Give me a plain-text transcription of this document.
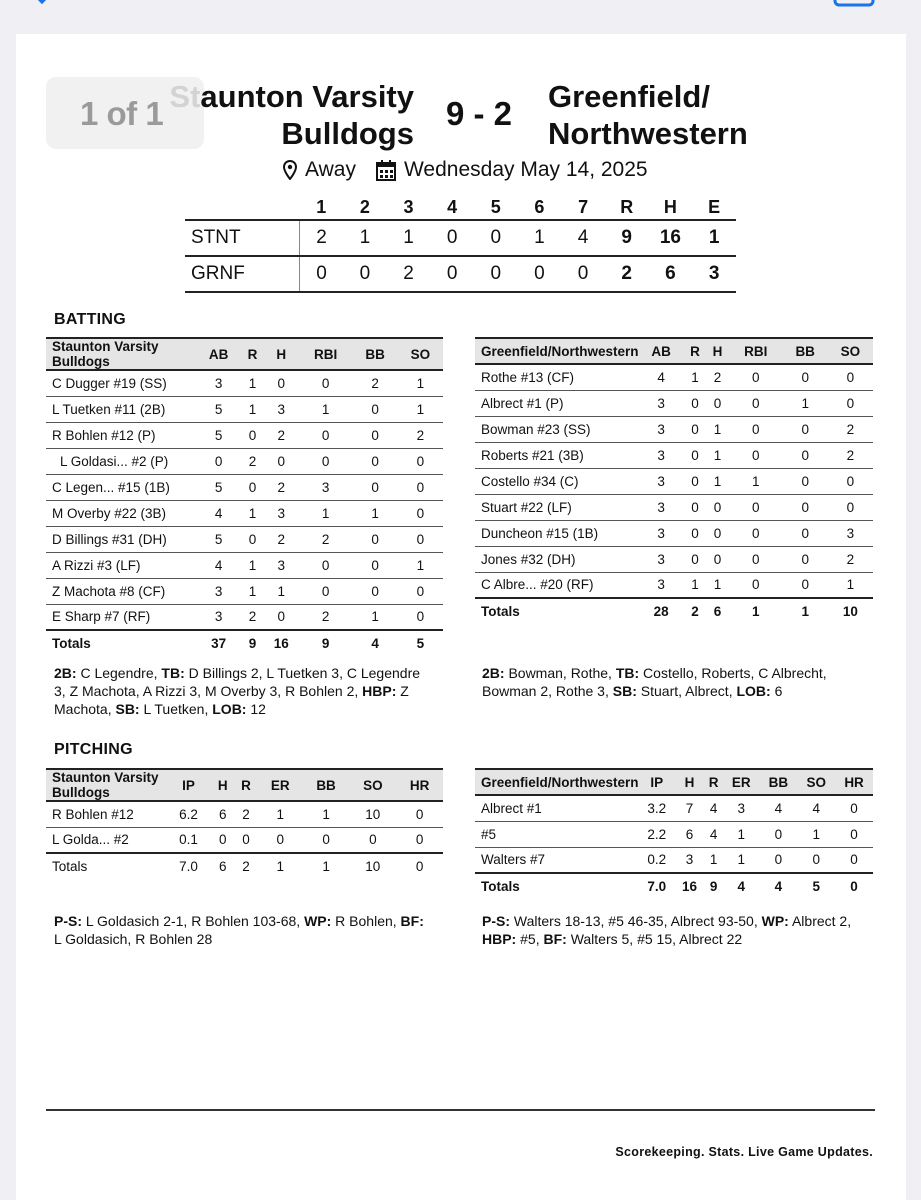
1 of 1 Staunton Varsity
Bulldogs
9 - 2 Greenfield/
Northwestern
Away Wednesday May 14, 2025
	1	2	3	4	5	6	7	R	H	E
STNT	2	1	1	0	0	1	4	9	16	1
GRNF	0	0	2	0	0	0	0	2	6	3
BATTING
Staunton Varsity Bulldogs	AB	R	H	RBI	BB	SO
C Dugger #19 (SS)	3	1	0	0	2	1
L Tuetken #11 (2B)	5	1	3	1	0	1
R Bohlen #12 (P)	5	0	2	0	0	2
L Goldasi... #2 (P)	0	2	0	0	0	0
C Legen... #15 (1B)	5	0	2	3	0	0
M Overby #22 (3B)	4	1	3	1	1	0
D Billings #31 (DH)	5	0	2	2	0	0
A Rizzi #3 (LF)	4	1	3	0	0	1
Z Machota #8 (CF)	3	1	1	0	0	0
E Sharp #7 (RF)	3	2	0	2	1	0
Totals	37	9	16	9	4	5
Greenfield/Northwestern	AB	R	H	RBI	BB	SO
Rothe #13 (CF)	4	1	2	0	0	0
Albrect #1 (P)	3	0	0	0	1	0
Bowman #23 (SS)	3	0	1	0	0	2
Roberts #21 (3B)	3	0	1	0	0	2
Costello #34 (C)	3	0	1	1	0	0
Stuart #22 (LF)	3	0	0	0	0	0
Duncheon #15 (1B)	3	0	0	0	0	3
Jones #32 (DH)	3	0	0	0	0	2
C Albre... #20 (RF)	3	1	1	0	0	1
Totals	28	2	6	1	1	10
2B: C Legendre, TB: D Billings 2, L Tuetken 3, C Legendre 3, Z Machota, A Rizzi 3, M Overby 3, R Bohlen 2, HBP: Z Machota, SB: L Tuetken, LOB: 12
2B: Bowman, Rothe, TB: Costello, Roberts, C Albrecht, Bowman 2, Rothe 3, SB: Stuart, Albrect, LOB: 6
PITCHING
Staunton Varsity Bulldogs	IP	H	R	ER	BB	SO	HR
R Bohlen #12	6.2	6	2	1	1	10	0
L Golda... #2	0.1	0	0	0	0	0	0
Totals	7.0	6	2	1	1	10	0
Greenfield/Northwestern	IP	H	R	ER	BB	SO	HR
Albrect #1	3.2	7	4	3	4	4	0
#5	2.2	6	4	1	0	1	0
Walters #7	0.2	3	1	1	0	0	0
Totals	7.0	16	9	4	4	5	0
P-S: L Goldasich 2-1, R Bohlen 103-68, WP: R Bohlen, BF: L Goldasich, R Bohlen 28
P-S: Walters 18-13, #5 46-35, Albrect 93-50, WP: Albrect 2, HBP: #5, BF: Walters 5, #5 15, Albrect 22
Scorekeeping. Stats. Live Game Updates.
